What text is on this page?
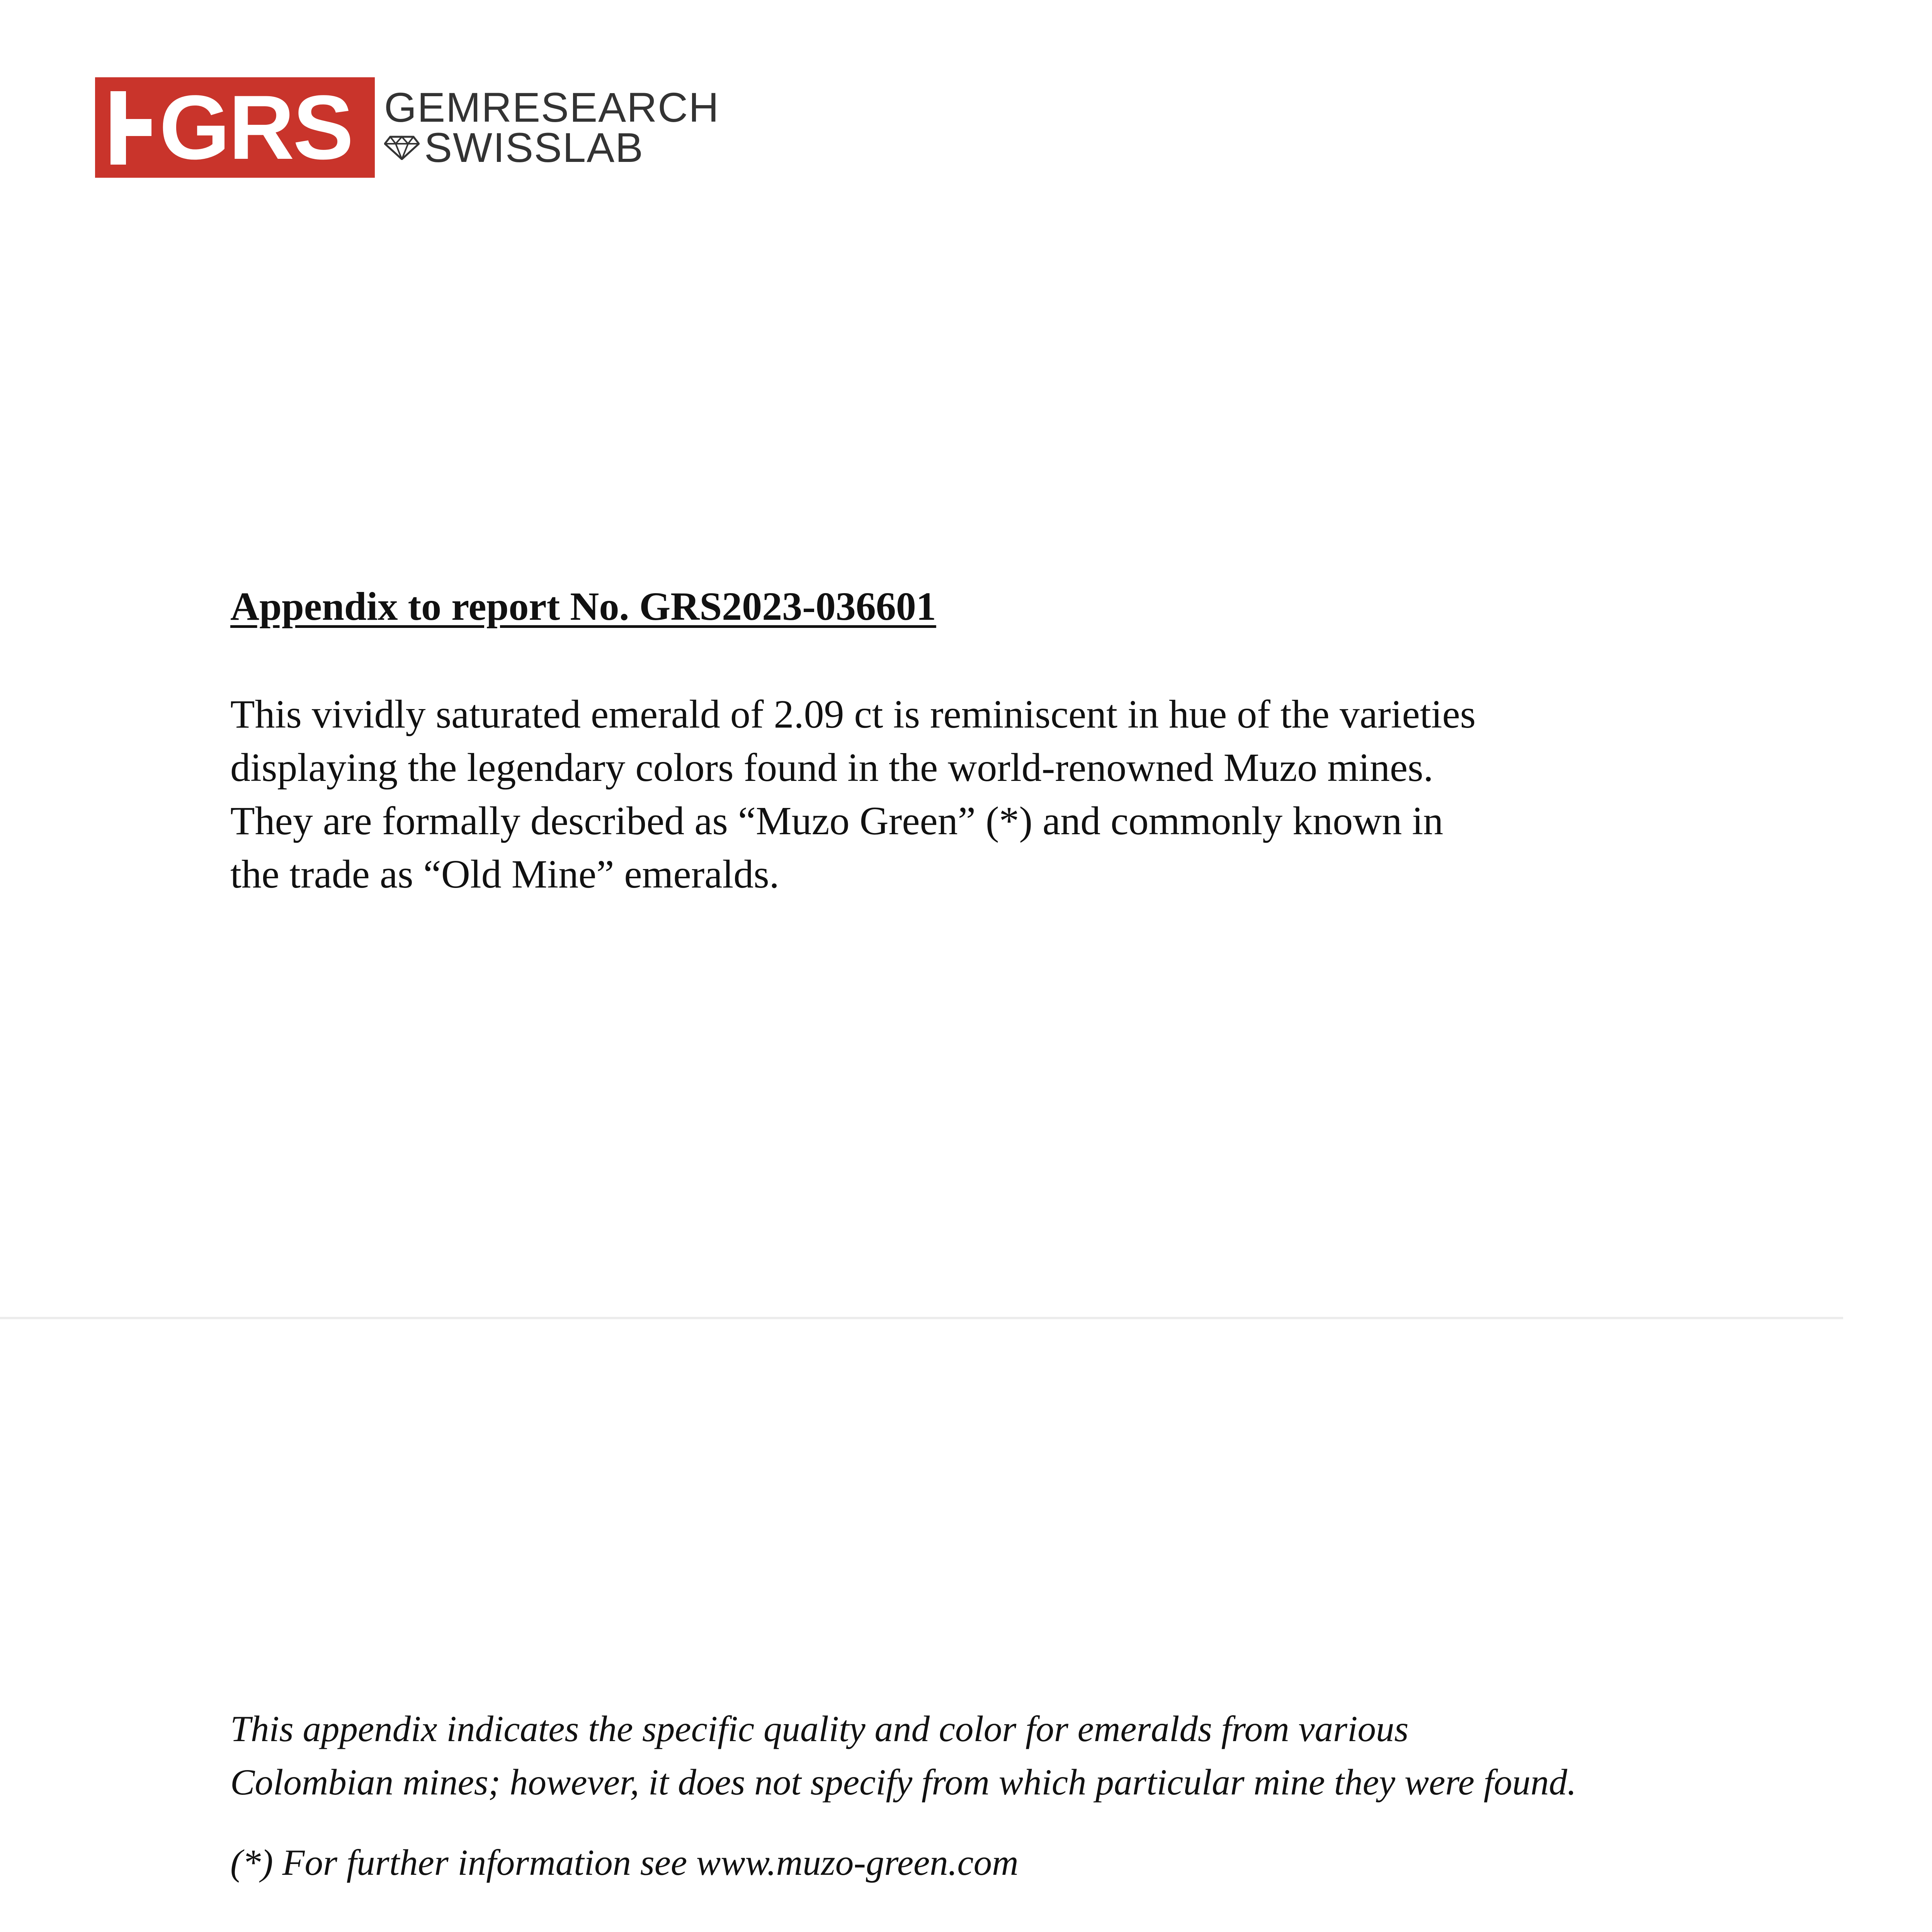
GRS GEMRESEARCH
SWISSLAB
Appendix to report No. GRS2023-036601
This vividly saturated emerald of 2.09 ct is reminiscent in hue of the varieties
displaying the legendary colors found in the world-renowned Muzo mines.
They are formally described as “Muzo Green” (*) and commonly known in
the trade as “Old Mine” emeralds.
This appendix indicates the specific quality and color for emeralds from various
Colombian mines; however, it does not specify from which particular mine they were found.
(*) For further information see www.muzo-green.com
